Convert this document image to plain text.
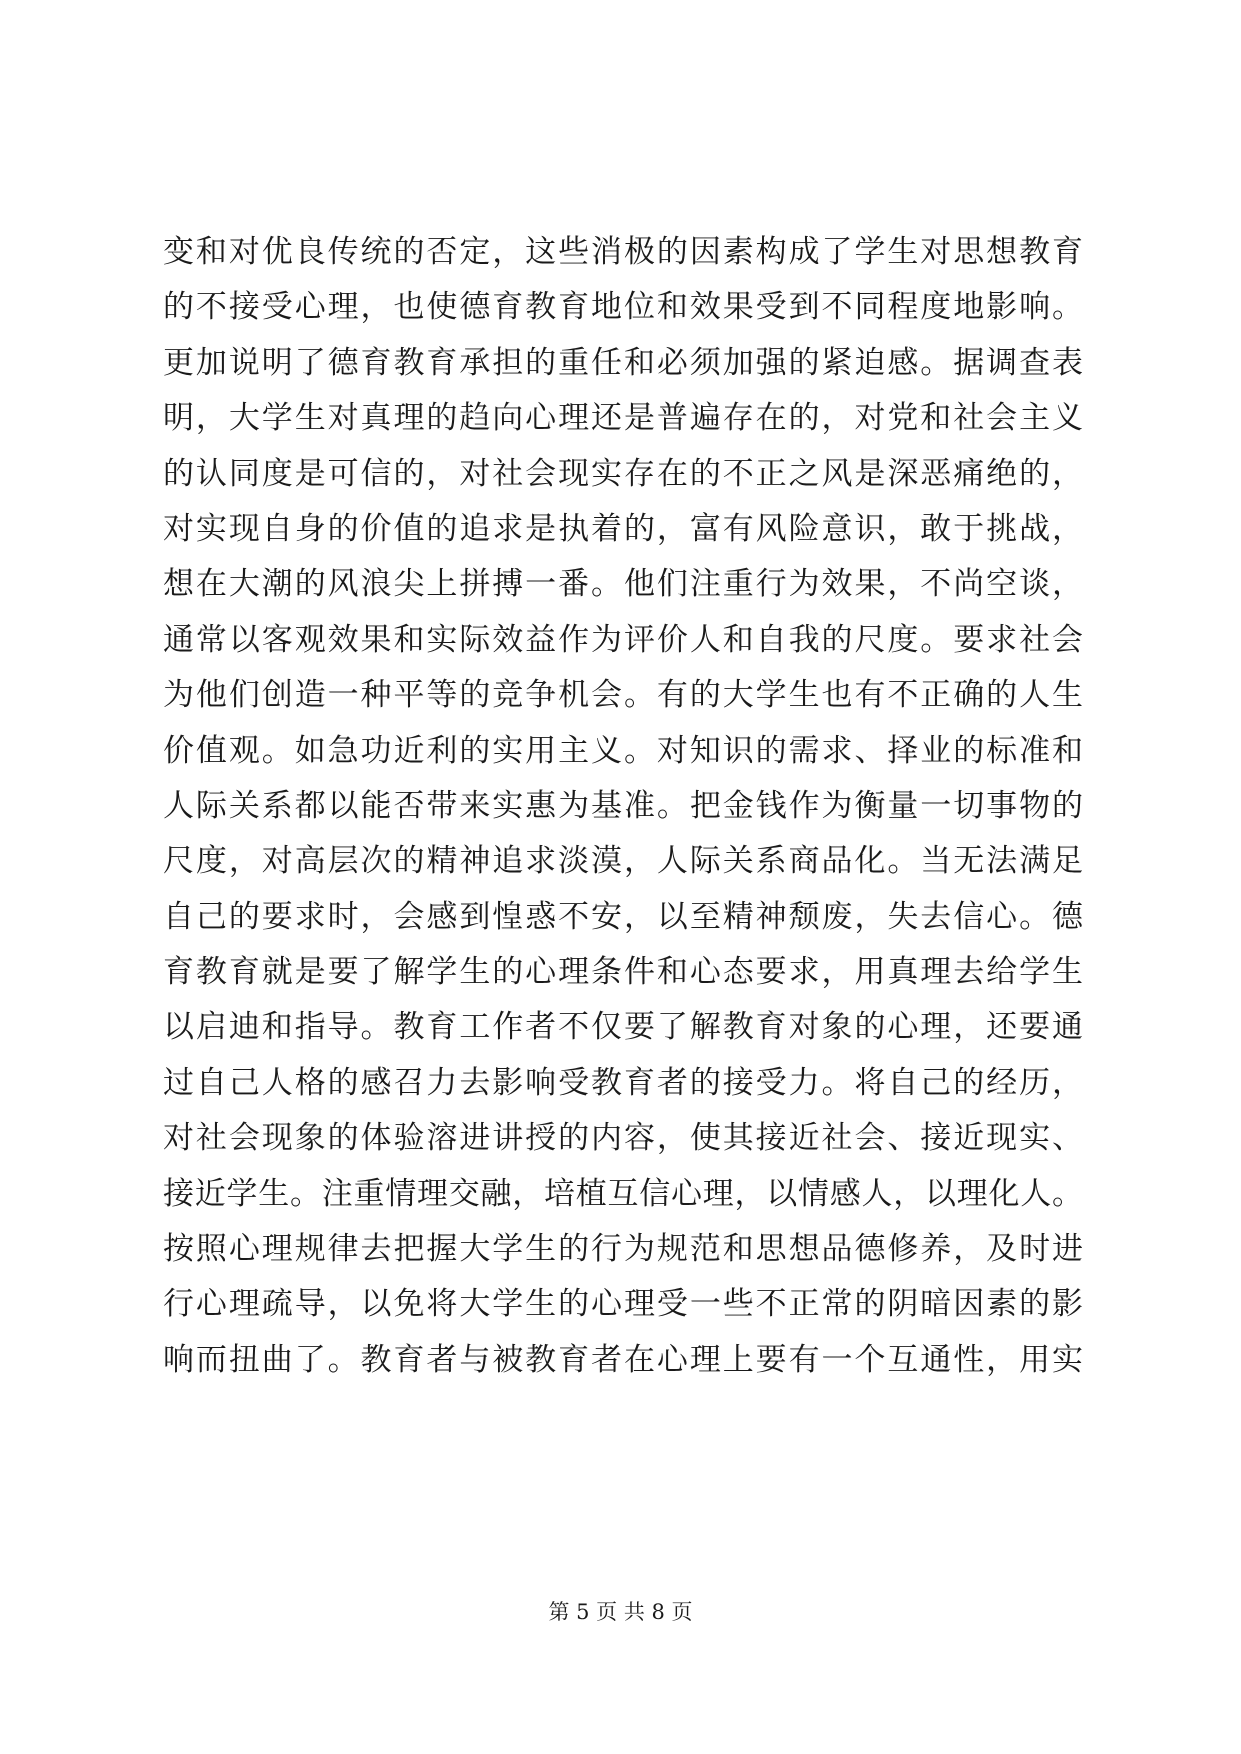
变和对优良传统的否定，这些消极的因素构成了学生对思想教育
的不接受心理，也使德育教育地位和效果受到不同程度地影响。
更加说明了德育教育承担的重任和必须加强的紧迫感。据调查表
明，大学生对真理的趋向心理还是普遍存在的，对党和社会主义
的认同度是可信的，对社会现实存在的不正之风是深恶痛绝的，
对实现自身的价值的追求是执着的，富有风险意识，敢于挑战，
想在大潮的风浪尖上拼搏一番。他们注重行为效果，不尚空谈，
通常以客观效果和实际效益作为评价人和自我的尺度。要求社会
为他们创造一种平等的竞争机会。有的大学生也有不正确的人生
价值观。如急功近利的实用主义。对知识的需求、择业的标准和
人际关系都以能否带来实惠为基准。把金钱作为衡量一切事物的
尺度，对高层次的精神追求淡漠，人际关系商品化。当无法满足
自己的要求时，会感到惶惑不安，以至精神颓废，失去信心。德
育教育就是要了解学生的心理条件和心态要求，用真理去给学生
以启迪和指导。教育工作者不仅要了解教育对象的心理，还要通
过自己人格的感召力去影响受教育者的接受力。将自己的经历，
对社会现象的体验溶进讲授的内容，使其接近社会、接近现实、
接近学生。注重情理交融，培植互信心理，以情感人，以理化人。
按照心理规律去把握大学生的行为规范和思想品德修养，及时进
行心理疏导，以免将大学生的心理受一些不正常的阴暗因素的影
响而扭曲了。教育者与被教育者在心理上要有一个互通性，用实
第 5 页 共 8 页
